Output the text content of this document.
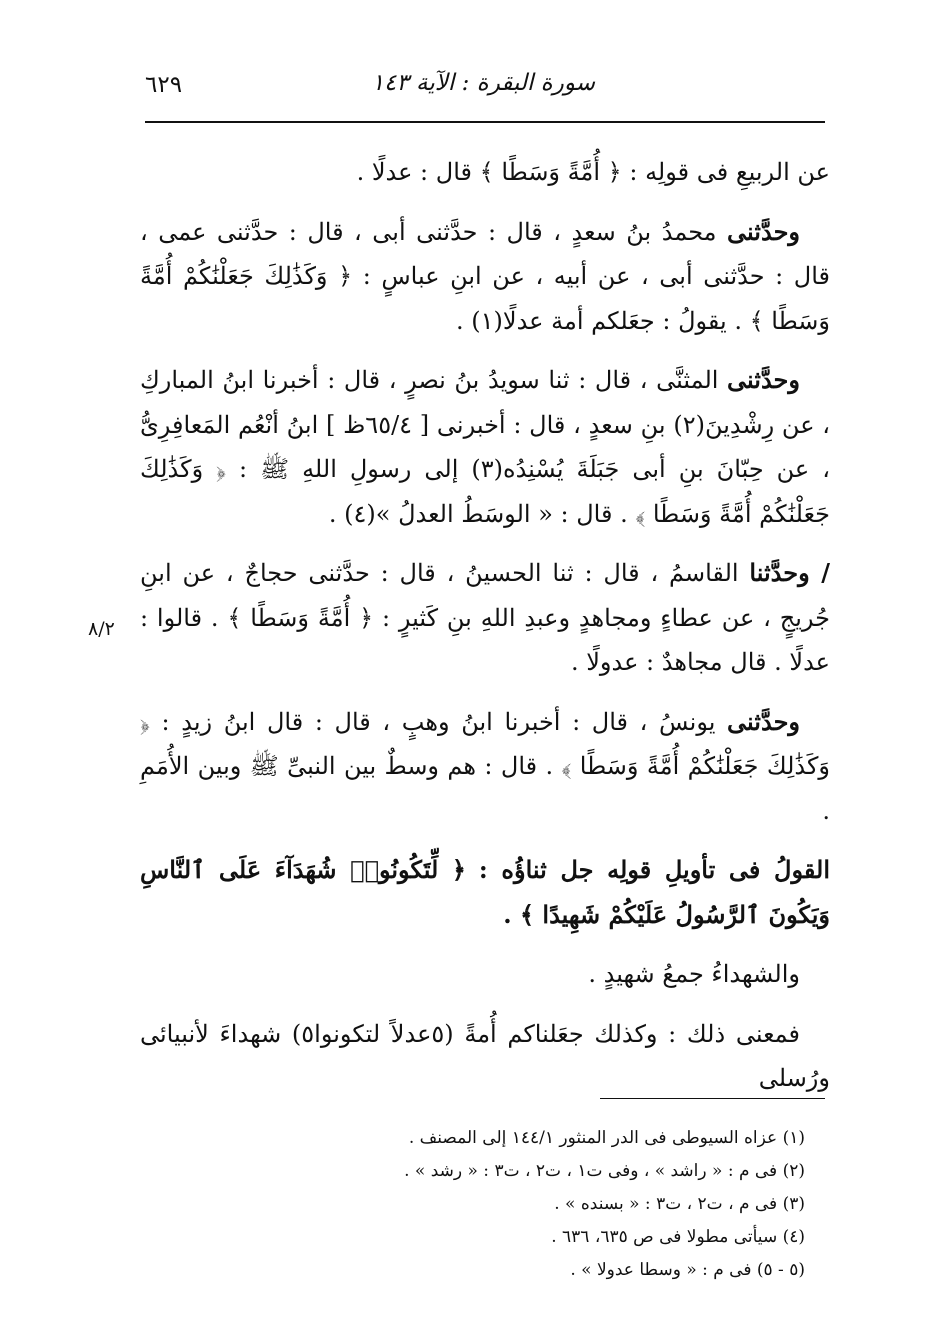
٦٢٩	سورة البقرة : الآية ١٤٣
٨/٢

عن الربيعِ فى قولِه : ﴿ أُمَّةً وَسَطًا ﴾ قال : عدلًا .

وحدَّثنى محمدُ بنُ سعدٍ ، قال : حدَّثنى أبى ، قال : حدَّثنى عمى ، قال : حدَّثنى أبى ، عن أبيه ، عن ابنِ عباسٍ : ﴿ وَكَذَٰلِكَ جَعَلْنَٰكُمْ أُمَّةً وَسَطًا ﴾ . يقولُ : جعَلكم أمة عدلًا(١) .

وحدَّثنى المثنَّى ، قال : ثنا سويدُ بنُ نصرٍ ، قال : أخبرنا ابنُ المباركِ ، عن رِشْدِينَ(٢) بنِ سعدٍ ، قال : أخبرنى [ ٦٥/٤ظ ] ابنُ أنْعُم المَعافِرِىُّ ، عن حِبّانَ بنِ أبى جَبَلَةَ يُسْنِدُه(٣) إلى رسولِ اللهِ ﷺ : ﴿ وَكَذَٰلِكَ جَعَلْنَٰكُمْ أُمَّةً وَسَطًا ﴾ . قال : « الوسَطُ العدلُ »(٤) .

/ وحدَّثنا القاسمُ ، قال : ثنا الحسينُ ، قال : حدَّثنى حجاجٌ ، عن ابنِ جُريجٍ ، عن عطاءٍ ومجاهدٍ وعبدِ اللهِ بنِ كَثيرٍ : ﴿ أُمَّةً وَسَطًا ﴾ . قالوا : عدلًا . قال مجاهدٌ : عدولًا .

وحدَّثنى يونسُ ، قال : أخبرنا ابنُ وهبٍ ، قال : قال ابنُ زيدٍ : ﴿ وَكَذَٰلِكَ جَعَلْنَٰكُمْ أُمَّةً وَسَطًا ﴾ . قال : هم وسطٌ بين النبىِّ ﷺ وبين الأُمَمِ .

القولُ فى تأويلِ قولِه جل ثناؤُه : ﴿ لِّتَكُونُوا۟ شُهَدَآءَ عَلَى ٱلنَّاسِ وَيَكُونَ ٱلرَّسُولُ عَلَيْكُمْ شَهِيدًا ﴾ .

والشهداءُ جمعُ شهيدٍ .

فمعنى ذلك : وكذلك جعَلناكم أُمةً (٥عدلاً لتكونوا٥) شهداءَ لأنبيائى ورُسلى

(١) عزاه السيوطى فى الدر المنثور ١٤٤/١ إلى المصنف .

(٢) فى م : « راشد » ، وفى ت١ ، ت٢ ، ت٣ : « رشد » .

(٣) فى م ، ت٢ ، ت٣ : « بسنده » .

(٤) سيأتى مطولا فى ص ٦٣٥، ٦٣٦ .

(٥ - ٥) فى م : « وسطا عدولا » .
